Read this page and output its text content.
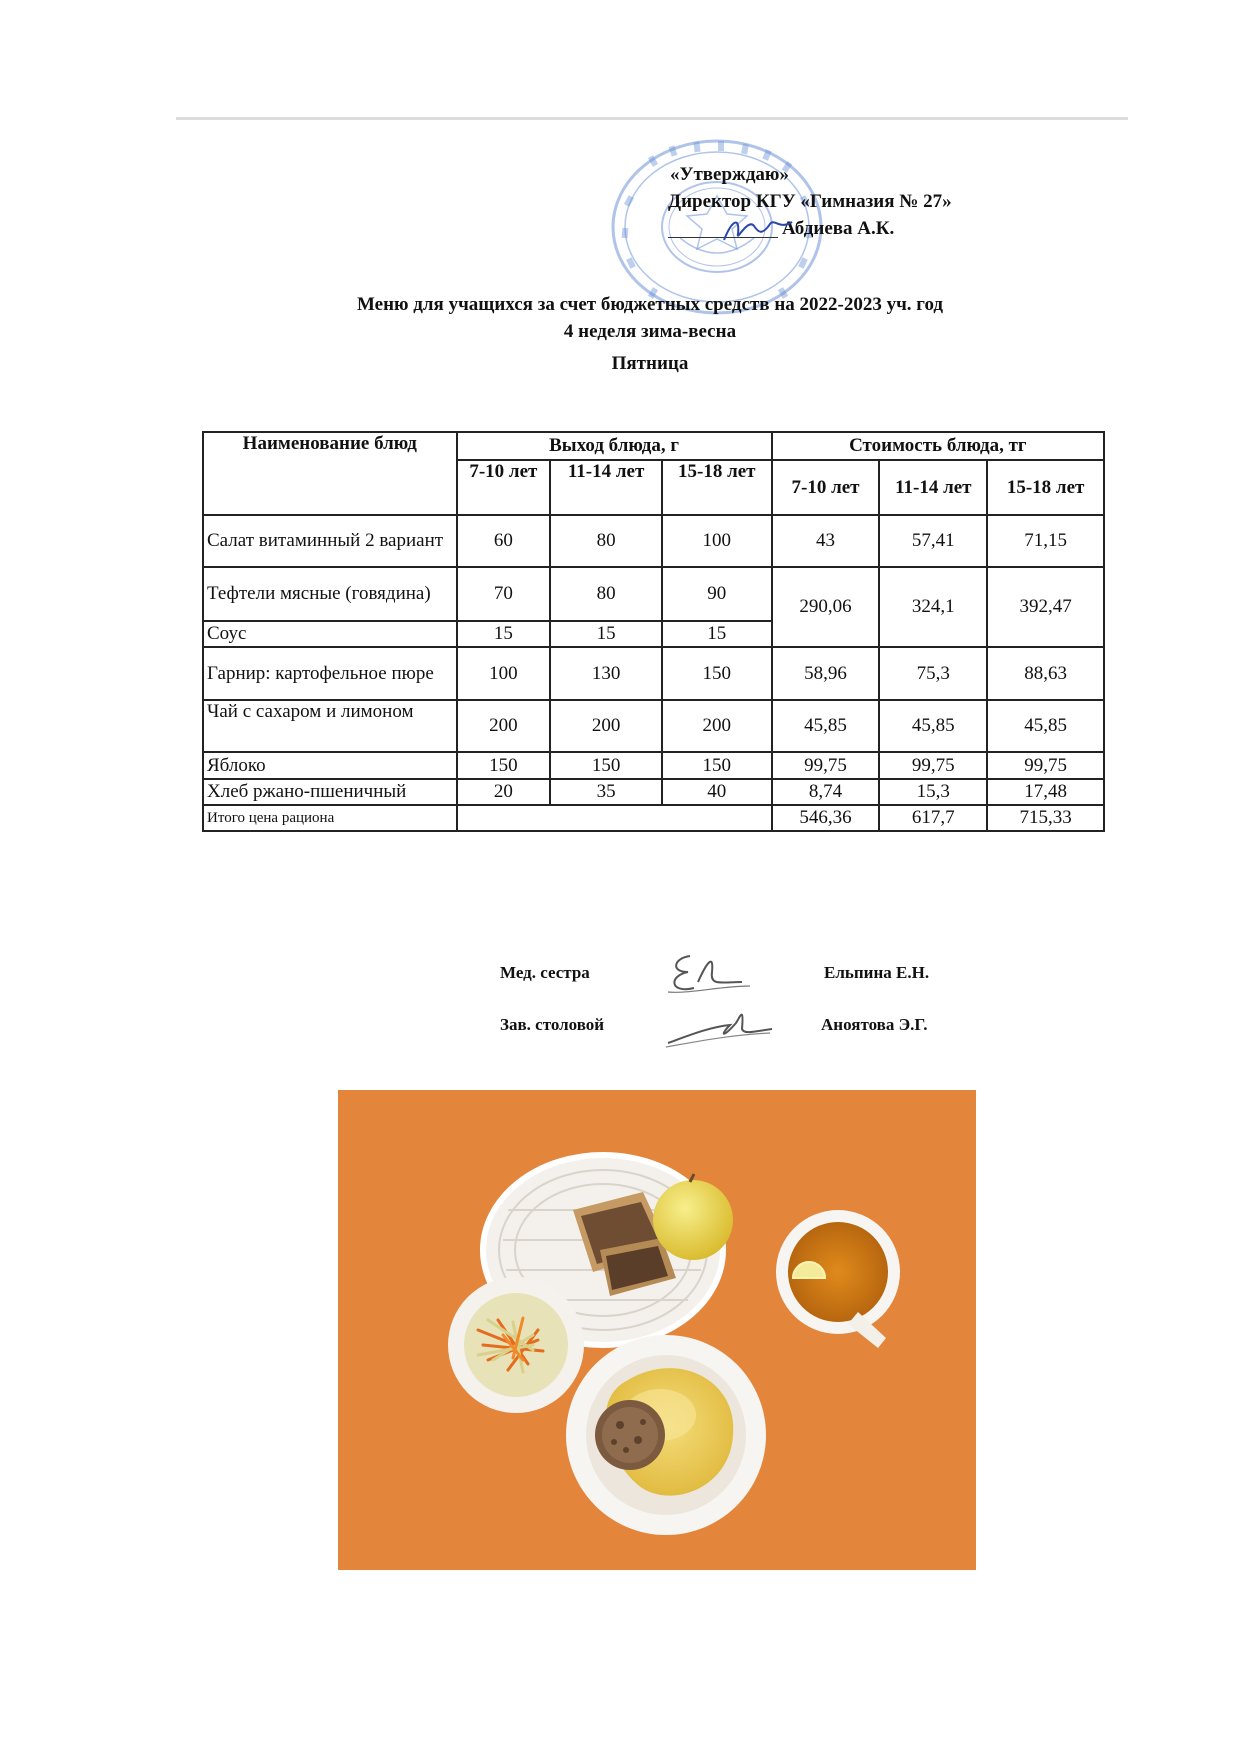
«Утверждаю»
Директор КГУ «Гимназия № 27»
Абдиева А.К.
Меню для учащихся за счет бюджетных средств на 2022-2023 уч. год
4 неделя зима-весна
Пятница
Наименование блюд	Выход блюда, г			Стоимость блюда, тг		
	7-10 лет	11-14 лет	15-18 лет	7-10 лет	11-14 лет	15-18 лет
Салат витаминный 2 вариант	60	80	100	43	57,41	71,15
Тефтели мясные (говядина)	70	80	90	290,06	324,1	392,47
Соус	15	15	15			
Гарнир: картофельное пюре	100	130	150	58,96	75,3	88,63
Чай с сахаром и лимоном	200	200	200	45,85	45,85	45,85
Яблоко	150	150	150	99,75	99,75	99,75
Хлеб ржано-пшеничный	20	35	40	8,74	15,3	17,48
Итого цена рациона				546,36	617,7	715,33
Мед. сестра	Ельпина Е.Н.
Зав. столовой	Аноятова Э.Г.
